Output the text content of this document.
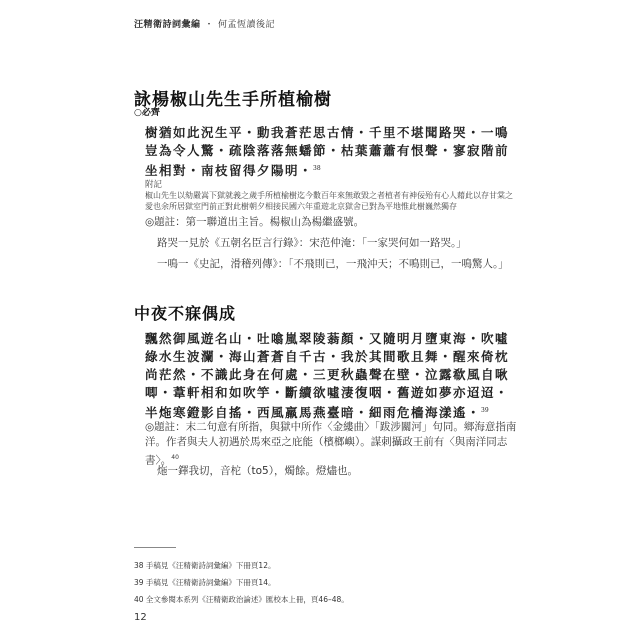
汪精衛詩詞彙編 ・ 何孟恆讀後記
詠楊椒山先生手所植榆樹
○必齊
樹猶如此況生平・動我蒼茫思古情・千里不堪聞路哭・一鳴豈為令人驚・疏陰落落無蟠節・枯葉蕭蕭有恨聲・寥寂階前坐相對・南枝留得夕陽明・$^{38}$
附記
椒山先生以劾嚴嵩下獄就義之歲手所植榆樹迄今數百年來無敢毀之者植者有神佞殆有心人藉此以存甘棠之愛也余所居獄室門前正對此樹朝夕相接民國六年重遊北京獄舍已對為平地惟此樹巍然獨存
◎題註：第一聯道出主旨。楊椒山為楊繼盛號。
路哭一見於《五朝名臣言行錄》：宋范仲淹：「一家哭何如一路哭。」
一鳴一《史記，滑稽列傳》：「不飛則已，一飛沖天；不鳴則已，一鳴驚人。」
中夜不寐偶成
飄然御風遊名山・吐噏嵐翠陵蓊顏・又隨明月墮東海・吹噓綠水生波瀾・海山蒼蒼自千古・我於其間歌且舞・醒來倚枕尚茫然・不識此身在何處・三更秋蟲聲在壁・泣露欷風自啾唧・葦軒相和如吹竽・斷續欲噓淒復咽・舊遊如夢亦迢迢・半炧寒鐙影自搖・西風羸馬燕臺暗・細雨危檣海漾遙・$^{39}$
◎題註：末二句意有所指，與獄中所作〈金縷曲〉「跋涉關河」句同。鄉海意指南洋。作者與夫人初遇於馬來亞之庇能（檳榔嶼）。謀刺攝政王前有〈與南洋同志書〉。$^{40}$
炧一鐸我切，音柁（to5），燭餘。燈燼也。
38 手稿見《汪精衛詩詞彙編》下冊頁12。
39 手稿見《汪精衛詩詞彙編》下冊頁14。
40 全文參閱本系列《汪精衛政治論述》匯校本上冊，頁46–48。
12
